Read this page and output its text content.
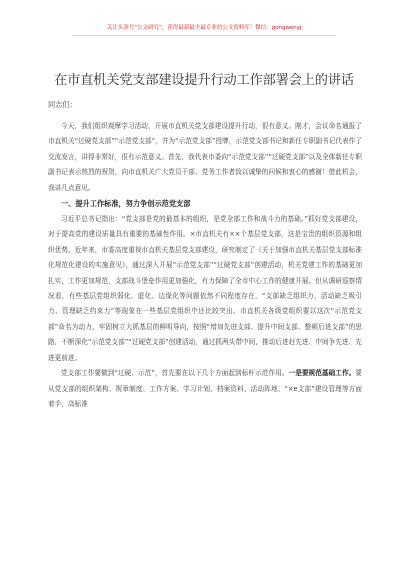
关注头条号“公文研究”，获得最新最全最专业的公文资料库！微信：gongwenyj
在市直机关党支部建设提升行动工作部署会上的讲话
同志们：

今天，我们组织观摩学习活动，开展市直机关党支部建设提升行动，很有意义。刚才，会议命名通报了市直机关“过硬党支部”“示范党支部”，并为“示范党支部”授牌，示范党支部书记和新任专职副书记代表作了交流发言，讲得非常好，很有示范意义。首先，我代表市委向“示范党支部”“过硬党支部”以及全体新任专职副书记表示热烈的祝贺，向市直机关广大党员干部、党务工作者致以诚挚的问候和衷心的感谢！借此机会，我讲几点意见。

一、提升工作标准，努力争创示范党支部

习近平总书记指出：“党支部是党的最基本的组织，是党全部工作和战斗力的基础。”抓好党支部建设，对于提高党的建设质量具有重要的基础性作用。×市直机关有××个基层党支部，这是宝贵的组织资源和组织优势。近年来，市委高度重视市直机关基层党支部建设，研究制定了《关于加强市直机关基层党支部标准化规范化建设的实施意见》，通过深入开展“示范党支部”“过硬党支部”创建活动，机关党建工作的基础更加扎实，工作更加规范，支部战斗堡垒作用更加强化，有力保障了全市中心工作的健康开展。但从调研巡察情况看，有些基层党组织弱化、虚化、边缘化等问题依然不同程度存在，“支部缺乏组织力、活动缺乏吸引力、管理缺乏约束力”等现象在一些基层党组织中还比较突出。市直机关各级党组织要以这次“示范党支部”命名为动力，牢固树立大抓基层的鲜明导向，按照“增加先进支部、提升中间支部、整顿后进支部”的思路，不断深化“示范党支部”“过硬党支部”创建活动，通过抓两头带中间，推动后进赶先进、中间争先进、先进更前进。

党支部工作要做到“过硬、示范”，首先要在以下几个方面起到标杆示范作用。一是要规范基础工作。要从党支部的组织架构、规章制度、工作方案、学习计划、档案资料、活动阵地、“×e支部”建设管理等方面着手，高标准
